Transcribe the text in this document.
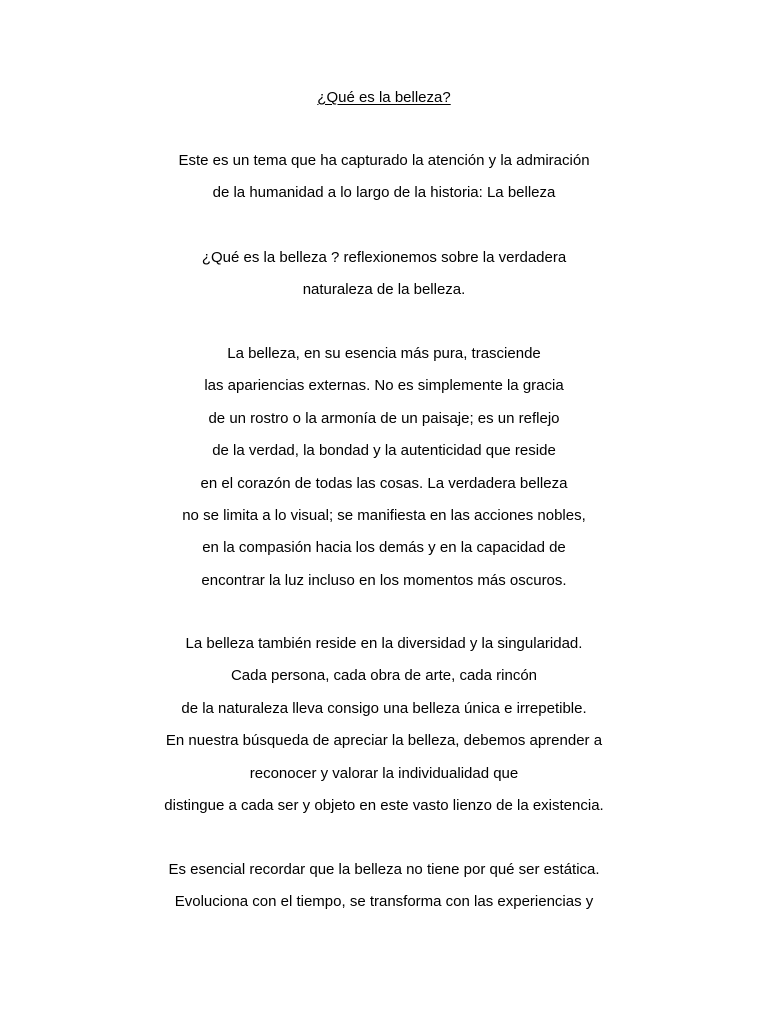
¿Qué es la belleza?
Este es un tema que ha capturado la atención y la admiración
de la humanidad a lo largo de la historia: La belleza
¿Qué es la belleza ? reflexionemos sobre la verdadera
naturaleza de la belleza.
La belleza, en su esencia más pura, trasciende
las apariencias externas. No es simplemente la gracia
de un rostro o la armonía de un paisaje; es un reflejo
de la verdad, la bondad y la autenticidad que reside
en el corazón de todas las cosas. La verdadera belleza
no se limita a lo visual; se manifiesta en las acciones nobles,
en la compasión hacia los demás y en la capacidad de
encontrar la luz incluso en los momentos más oscuros.
La belleza también reside en la diversidad y la singularidad.
Cada persona, cada obra de arte, cada rincón
de la naturaleza lleva consigo una belleza única e irrepetible.
En nuestra búsqueda de apreciar la belleza, debemos aprender a
reconocer y valorar la individualidad que
distingue a cada ser y objeto en este vasto lienzo de la existencia.
Es esencial recordar que la belleza no tiene por qué ser estática.
Evoluciona con el tiempo, se transforma con las experiencias y
